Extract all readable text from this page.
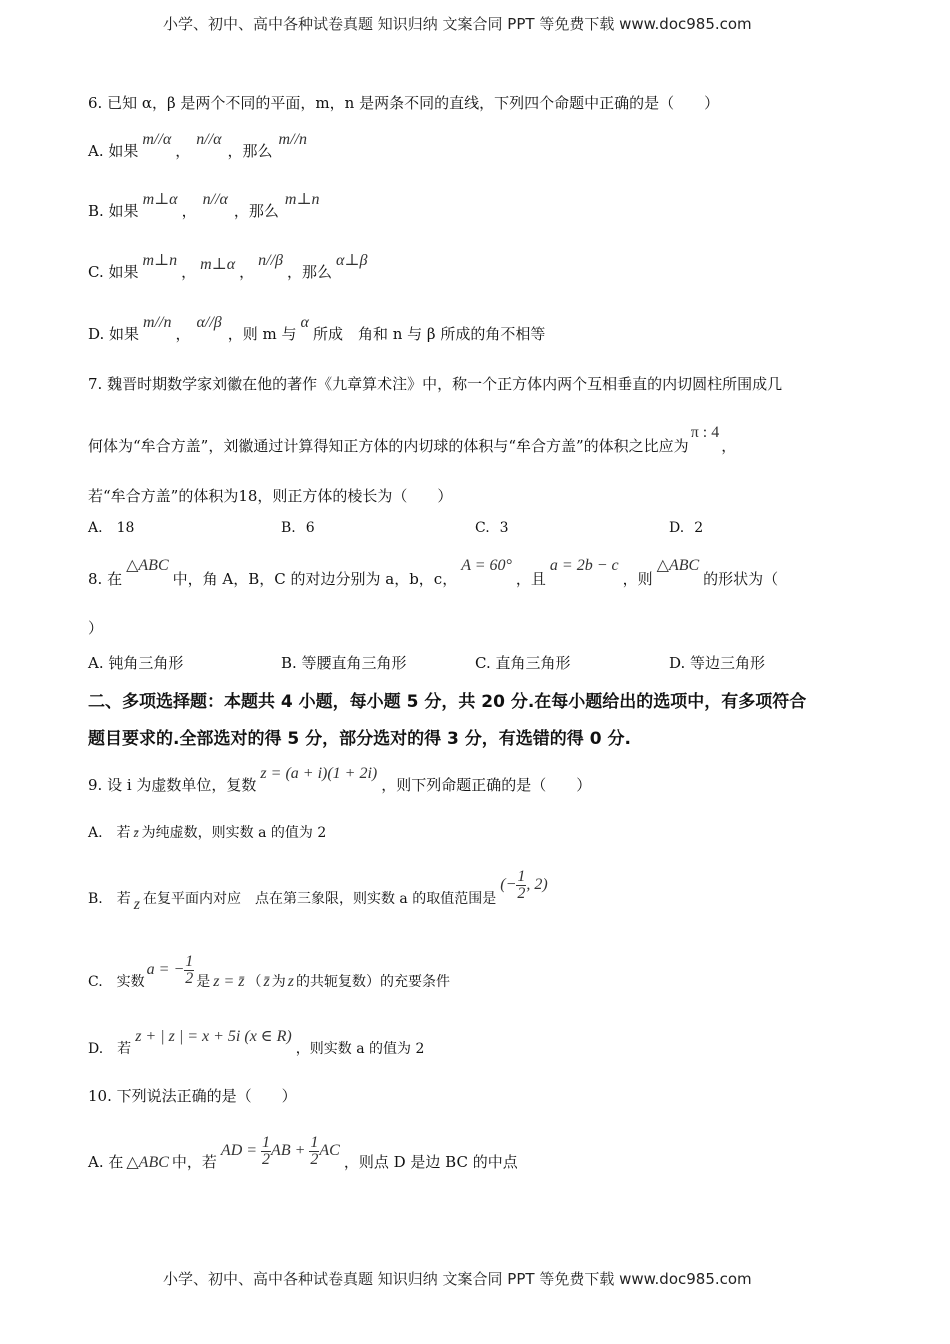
小学、初中、高中各种试卷真题 知识归纳 文案合同 PPT 等免费下载 www.doc985.com
小学、初中、高中各种试卷真题 知识归纳 文案合同 PPT 等免费下载 www.doc985.com
6. 已知 α，β 是两个不同的平面，m，n 是两条不同的直线，下列四个命题中正确的是（　　）
A. 如果m//α，n//α，那么m//n
B. 如果m⊥α，n//α，那么m⊥n
C. 如果m⊥n， m⊥α ，n//β，那么α⊥β
D. 如果m//n，α//β，则 m 与α所成　角和 n 与 β 所成的角不相等
7. 魏晋时期数学家刘徽在他的著作《九章算术注》中，称一个正方体内两个互相垂直的内切圆柱所围成几
何体为“牟合方盖”，刘徽通过计算得知正方体的内切球的体积与“牟合方盖”的体积之比应为π : 4，
若“牟合方盖”的体积为18，则正方体的棱长为（　　）
A. 18	B. 6	C. 3	D. 2
8. 在△ABC中，角 A，B，C 的对边分别为 a，b，c，A = 60°，且a = 2b − c，则△ABC的形状为（
）
A. 钝角三角形	B. 等腰直角三角形	C. 直角三角形	D. 等边三角形
二、多项选择题：本题共 4 小题，每小题 5 分，共 20 分.在每小题给出的选项中，有多项符合
题目要求的.全部选对的得 5 分，部分选对的得 3 分，有选错的得 0 分.
9. 设 i 为虚数单位，复数z = (a + i)(1 + 2i)，则下列命题正确的是（　　）
A.　若 z̄ 为纯虚数，则实数 a 的值为 2
B.　若 z 在复平面内对应　点在第三象限，则实数 a 的取值范围是(− $\frac{1}{2}$ , 2)
C.　实数a = − $\frac{1}{2}$ 是 z = z̄ （ z̄ 为 z 的共轭复数）的充要条件
D.　若z + | z | = x + 5i (x ∈ R)，则实数 a 的值为 2
10. 下列说法正确的是（　　）
A. 在 △ABC 中，若AD = $\frac{1}{2}$ AB + $\frac{1}{2}$ AC，则点 D 是边 BC 的中点
